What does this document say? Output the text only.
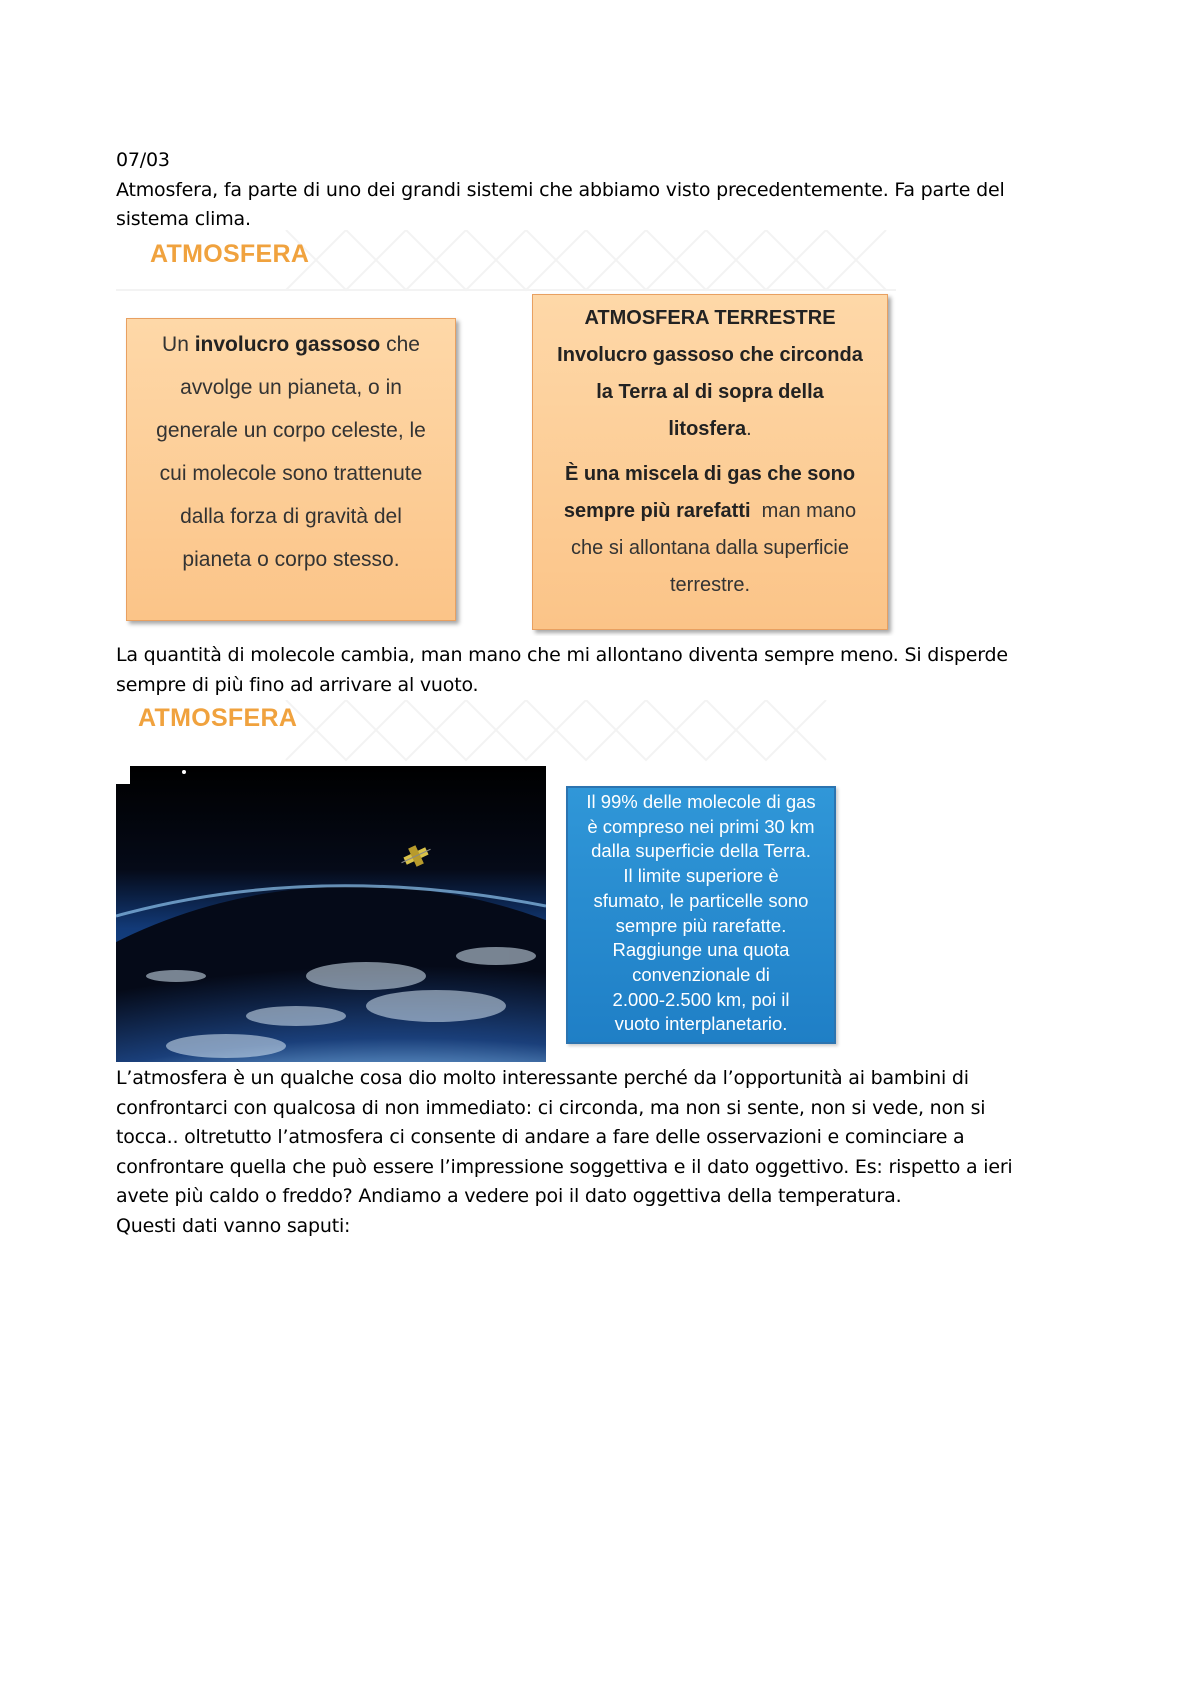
07/03

Atmosfera, fa parte di uno dei grandi sistemi che abbiamo visto precedentemente. Fa parte del

sistema clima.

ATMOSFERA
Un involucro gassoso che
avvolge un pianeta, o in
generale un corpo celeste, le
cui molecole sono trattenute
dalla forza di gravità del
pianeta o corpo stesso.
ATMOSFERA TERRESTRE
Involucro gassoso che circonda
la Terra al di sopra della
litosfera.
È una miscela di gas che sono
sempre più rarefatti  man mano
che si allontana dalla superficie
terrestre.

La quantità di molecole cambia, man mano che mi allontano diventa sempre meno. Si disperde

sempre di più fino ad arrivare al vuoto.

ATMOSFERA
Il 99% delle molecole di gas
è compreso nei primi 30 km
dalla superficie della Terra.
Il limite superiore è
sfumato, le particelle sono
sempre più rarefatte.
Raggiunge una quota
convenzionale di
2.000-2.500 km, poi il
vuoto interplanetario.

L’atmosfera è un qualche cosa dio molto interessante perché da l’opportunità ai bambini di

confrontarci con qualcosa di non immediato: ci circonda, ma non si sente, non si vede, non si

tocca.. oltretutto l’atmosfera ci consente di andare a fare delle osservazioni e cominciare a

confrontare quella che può essere l’impressione soggettiva e il dato oggettivo. Es: rispetto a ieri

avete più caldo o freddo? Andiamo a vedere poi il dato oggettiva della temperatura.

Questi dati vanno saputi:
